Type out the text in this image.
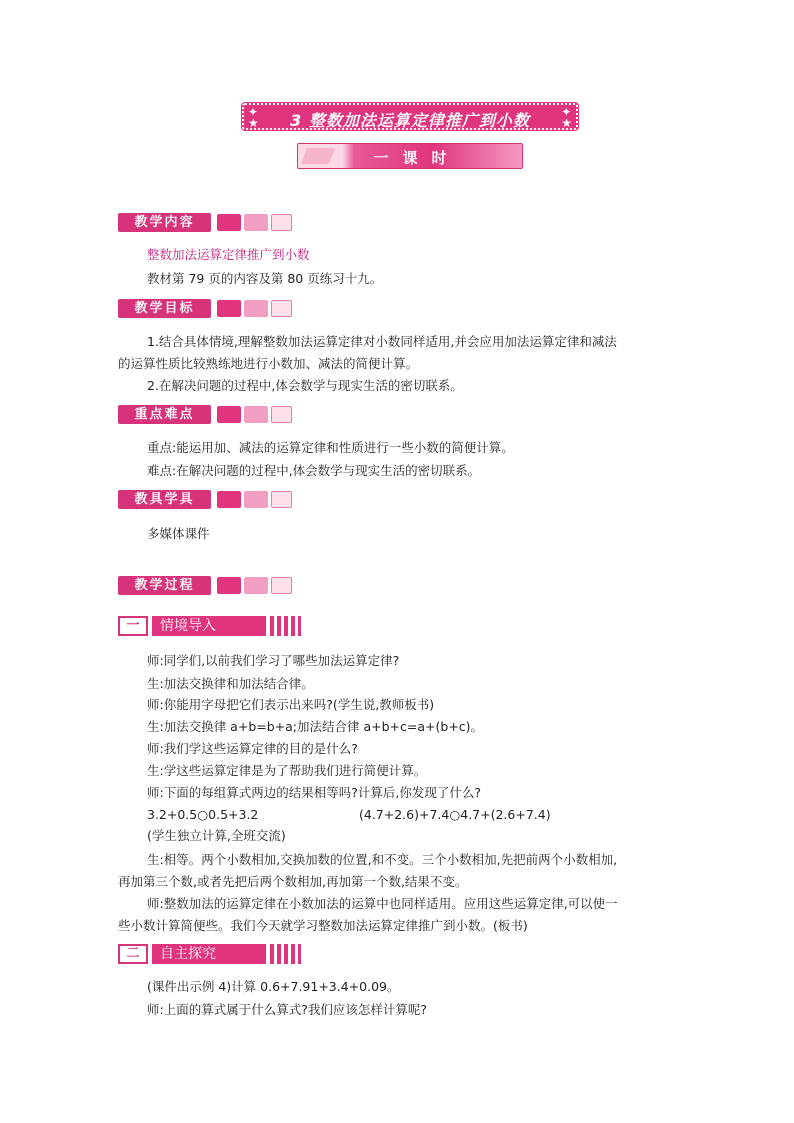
✦
★	3 整数加法运算定律推广到小数	✦
★
一课时
教学内容
整数加法运算定律推广到小数
教材第 79 页的内容及第 80 页练习十九。
教学目标
1.结合具体情境,理解整数加法运算定律对小数同样适用,并会应用加法运算定律和减法
的运算性质比较熟练地进行小数加、减法的简便计算。
2.在解决问题的过程中,体会数学与现实生活的密切联系。
重点难点
重点:能运用加、减法的运算定律和性质进行一些小数的简便计算。
难点:在解决问题的过程中,体会数学与现实生活的密切联系。
教具学具
多媒体课件
教学过程
一	情境导入
师:同学们,以前我们学习了哪些加法运算定律?
生:加法交换律和加法结合律。
师:你能用字母把它们表示出来吗?(学生说,教师板书)
生:加法交换律 a+b=b+a;加法结合律 a+b+c=a+(b+c)。
师:我们学这些运算定律的目的是什么?
生:学这些运算定律是为了帮助我们进行简便计算。
师:下面的每组算式两边的结果相等吗?计算后,你发现了什么?
3.2+0.5○0.5+3.2	(4.7+2.6)+7.4○4.7+(2.6+7.4)
(学生独立计算,全班交流)
生:相等。两个小数相加,交换加数的位置,和不变。三个小数相加,先把前两个小数相加,
再加第三个数,或者先把后两个数相加,再加第一个数,结果不变。
师:整数加法的运算定律在小数加法的运算中也同样适用。应用这些运算定律,可以使一
些小数计算简便些。我们今天就学习整数加法运算定律推广到小数。(板书)
二	自主探究
(课件出示例 4)计算 0.6+7.91+3.4+0.09。
师:上面的算式属于什么算式?我们应该怎样计算呢?
